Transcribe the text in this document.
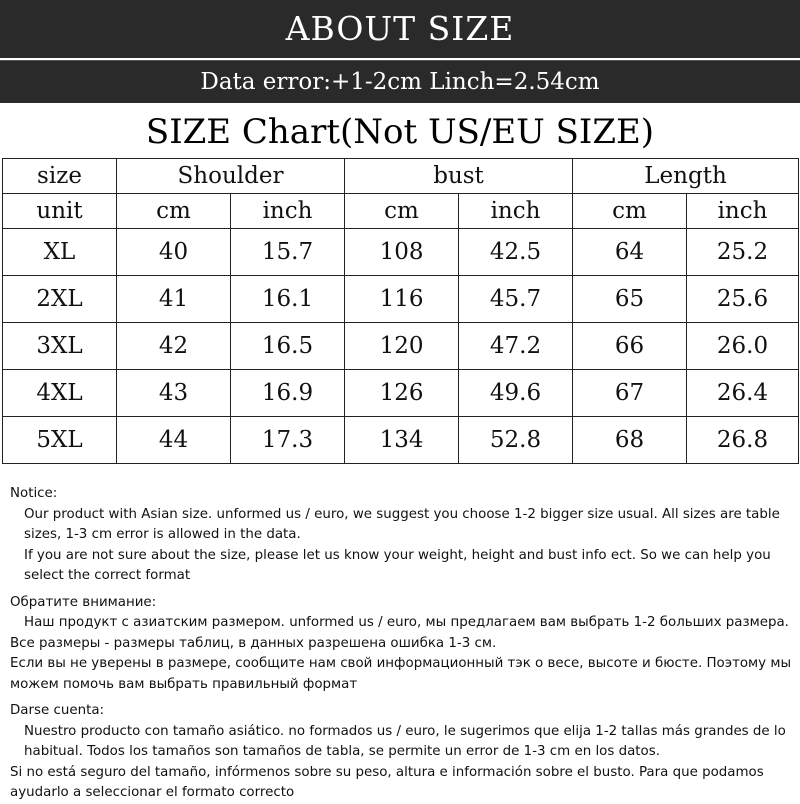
ABOUT SIZE
Data error:+1-2cm Linch=2.54cm
SIZE Chart(Not US/EU SIZE)
size	Shoulder		bust		Length	
unit	cm	inch	cm	inch	cm	inch
XL	40	15.7	108	42.5	64	25.2
2XL	41	16.1	116	45.7	65	25.6
3XL	42	16.5	120	47.2	66	26.0
4XL	43	16.9	126	49.6	67	26.4
5XL	44	17.3	134	52.8	68	26.8

Notice:

Our product with Asian size. unformed us / euro, we suggest you choose 1-2 bigger size usual. All sizes are table sizes, 1-3 cm error is allowed in the data.

If you are not sure about the size, please let us know your weight, height and bust info ect. So we can help you select the correct format

Обратите внимание:

Наш продукт с азиатским размером. unformed us / euro, мы предлагаем вам выбрать 1-2 больших размера.

Все размеры - размеры таблиц, в данных разрешена ошибка 1-3 см.

Если вы не уверены в размере, сообщите нам свой информационный тэк о весе, высоте и бюсте. Поэтому мы можем помочь вам выбрать правильный формат

Darse cuenta:

Nuestro producto con tamaño asiático. no formados us / euro, le sugerimos que elija 1-2 tallas más grandes de lo habitual. Todos los tamaños son tamaños de tabla, se permite un error de 1-3 cm en los datos.

Si no está seguro del tamaño, infórmenos sobre su peso, altura e información sobre el busto. Para que podamos ayudarlo a seleccionar el formato correcto
